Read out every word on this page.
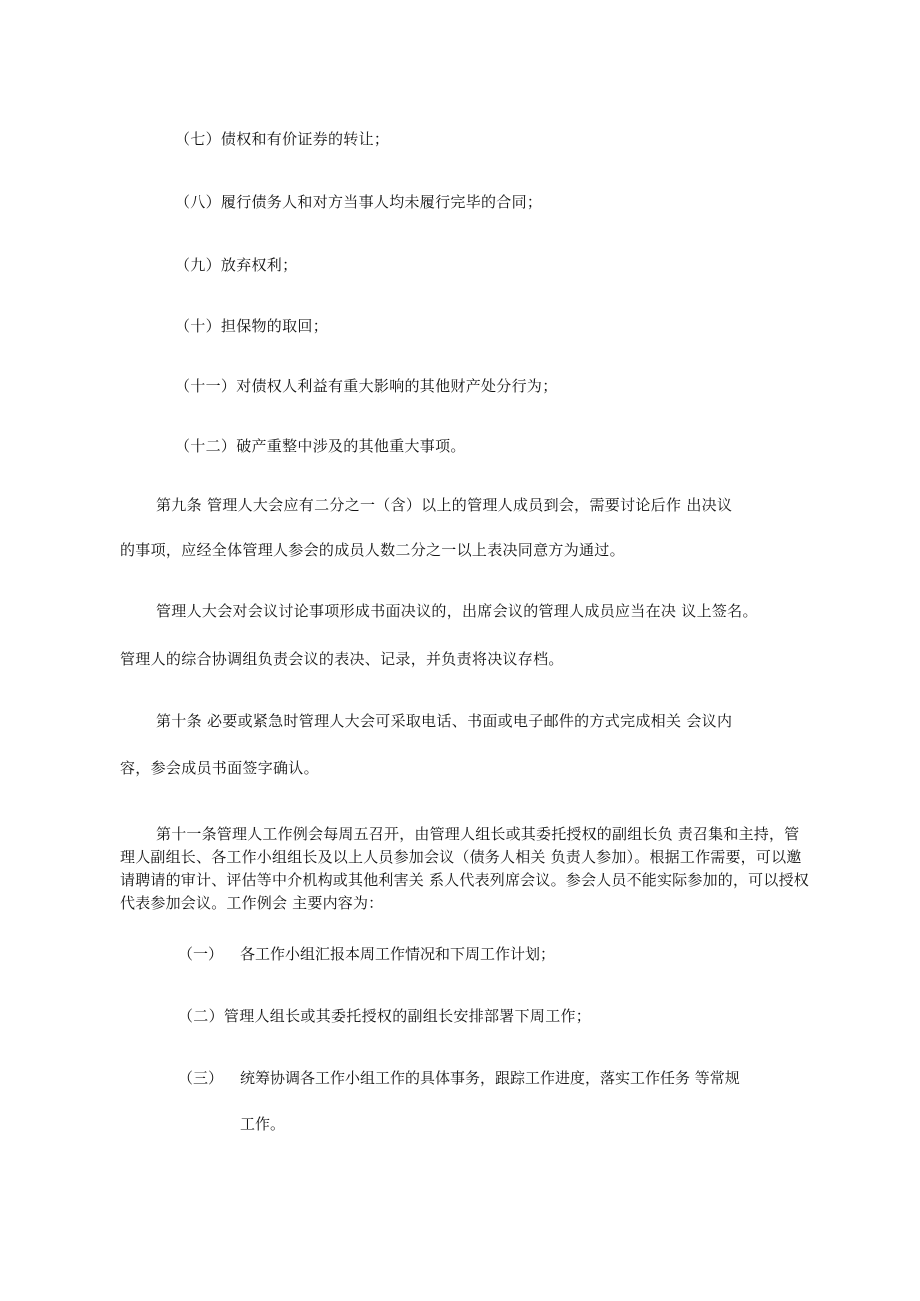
（七）债权和有价证券的转让；
（八）履行债务人和对方当事人均未履行完毕的合同；
（九）放弃权利；
（十）担保物的取回；
（十一）对债权人利益有重大影响的其他财产处分行为；
（十二）破产重整中涉及的其他重大事项。
第九条 管理人大会应有二分之一（含）以上的管理人成员到会，需要讨论后作 出决议
的事项，应经全体管理人参会的成员人数二分之一以上表决同意方为通过。
管理人大会对会议讨论事项形成书面决议的，出席会议的管理人成员应当在决 议上签名。
管理人的综合协调组负责会议的表决、记录，并负责将决议存档。
第十条 必要或紧急时管理人大会可采取电话、书面或电子邮件的方式完成相关 会议内
容，参会成员书面签字确认。
第十一条管理人工作例会每周五召开，由管理人组长或其委托授权的副组长负 责召集和主持，管理人副组长、各工作小组组长及以上人员参加会议（债务人相关 负责人参加）。根据工作需要，可以邀请聘请的审计、评估等中介机构或其他利害关 系人代表列席会议。参会人员不能实际参加的，可以授权代表参加会议。工作例会 主要内容为：
（一） 各工作小组汇报本周工作情况和下周工作计划；
（二）管理人组长或其委托授权的副组长安排部署下周工作；
（三） 统筹协调各工作小组工作的具体事务，跟踪工作进度，落实工作任务 等常规
工作。
